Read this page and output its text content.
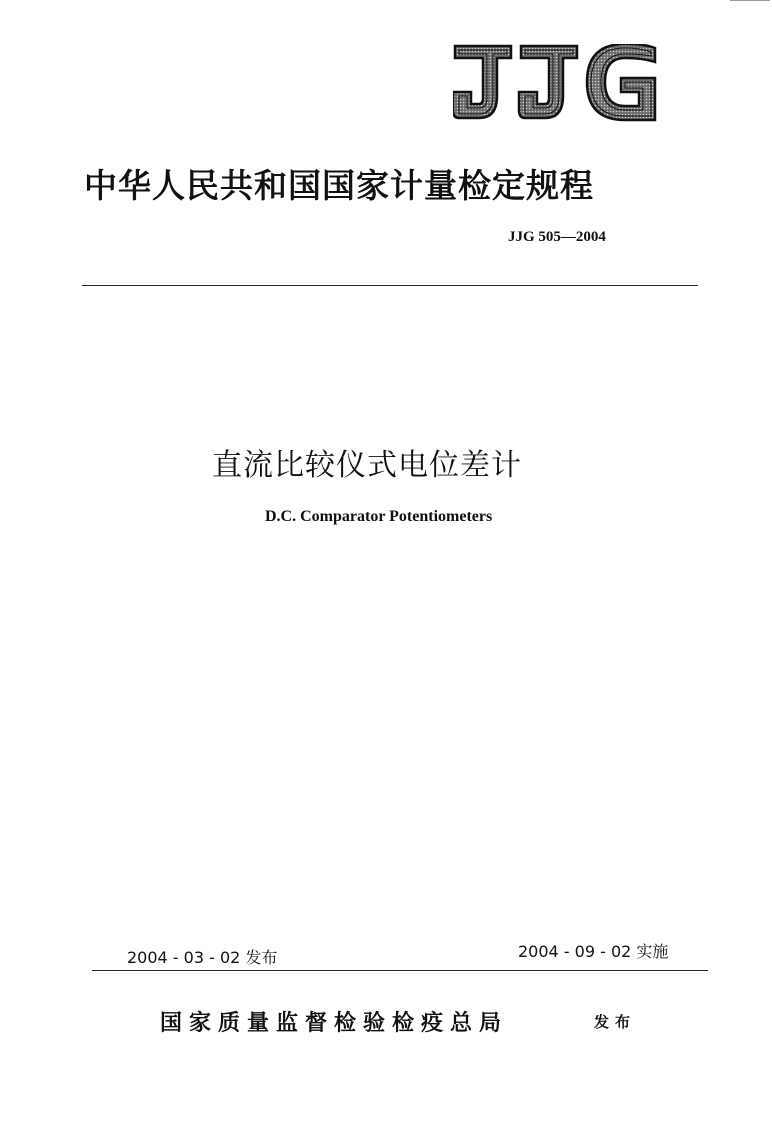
中华人民共和国国家计量检定规程
JJG 505—2004
直流比较仪式电位差计
D.C. Comparator Potentiometers
2004 - 03 - 02 发布	2004 - 09 - 02 实施
国家质量监督检验检疫总局	发布
